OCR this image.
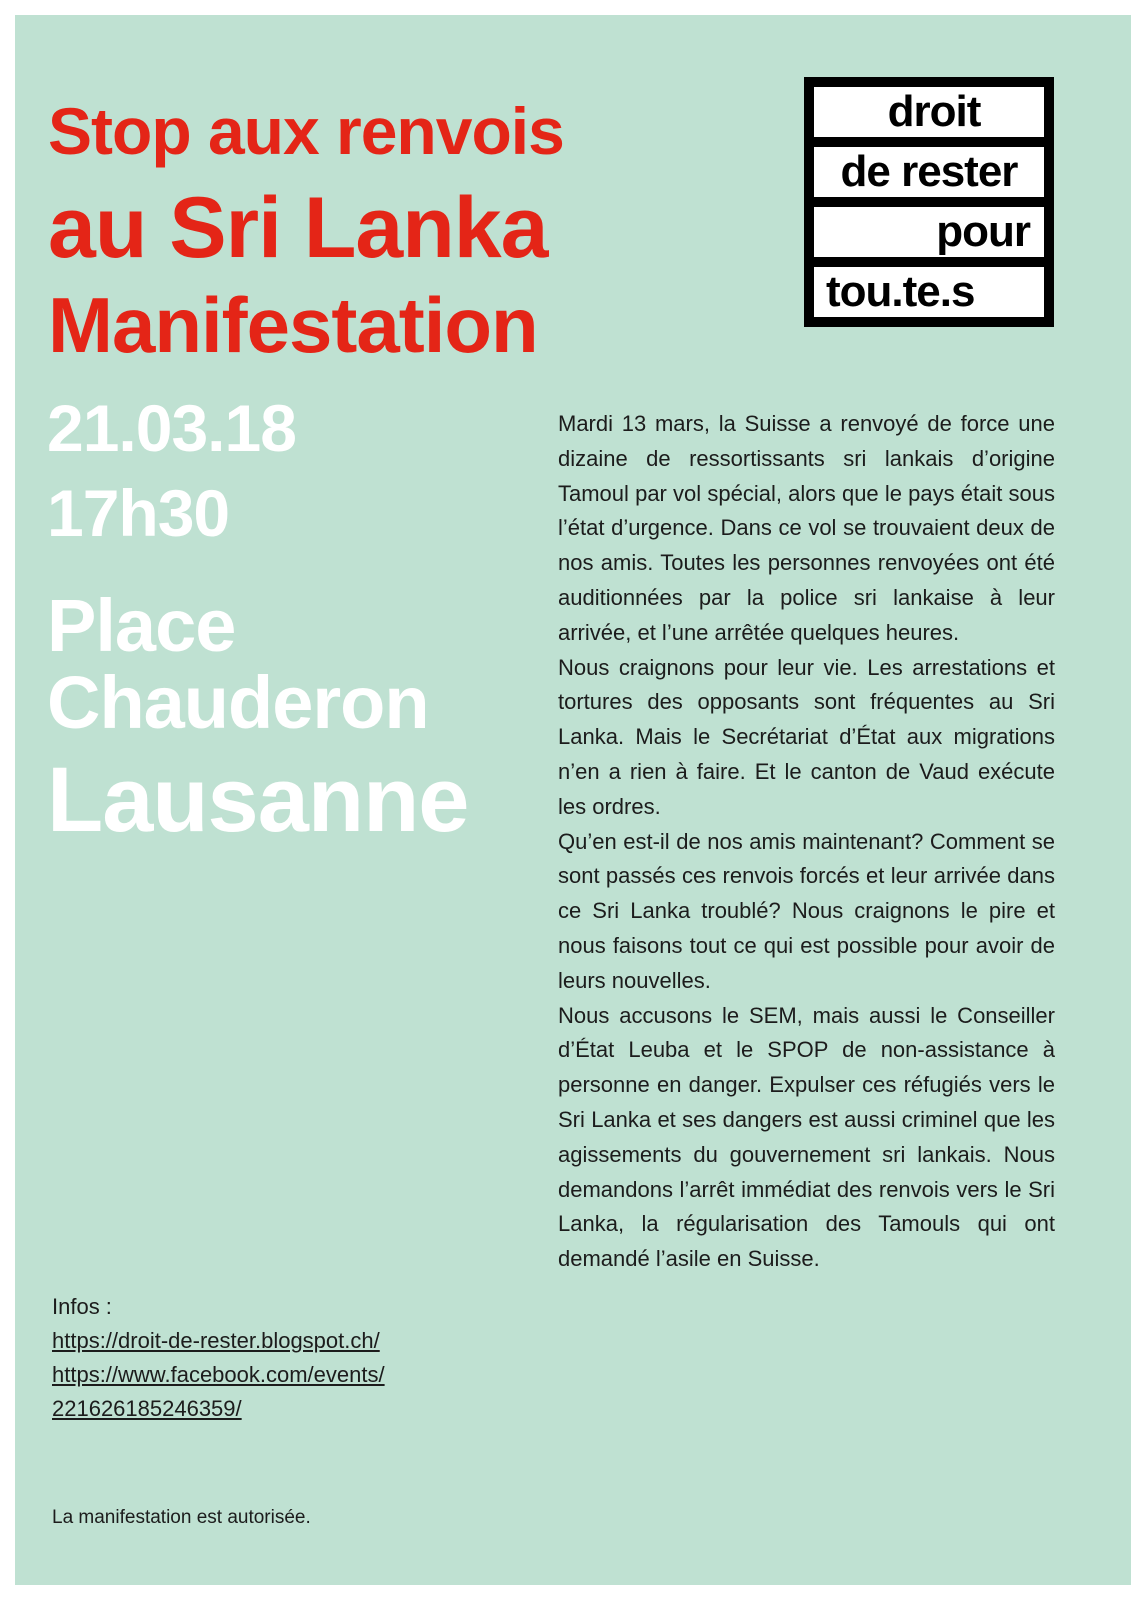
Stop aux renvois
au Sri Lanka
Manifestation
droit
de rester
pour
tou.te.s
21.03.18
17h30
Place
Chauderon
Lausanne

Mardi 13 mars, la Suisse a renvoyé de force une dizaine de ressortissants sri lankais d’origine Tamoul par vol spécial, alors que le pays était sous l’état d’urgence. Dans ce vol se trouvaient deux de nos amis. Toutes les personnes renvoyées ont été auditionnées par la police sri lankaise à leur arrivée, et l’une arrêtée quelques heures.

Nous craignons pour leur vie. Les arrestations et tortures des opposants sont fréquentes au Sri Lanka. Mais le Secrétariat d’État aux migrations n’en a rien à faire. Et le canton de Vaud exécute les ordres.

Qu’en est-il de nos amis maintenant? Comment se sont passés ces renvois forcés et leur arrivée dans ce Sri Lanka troublé? Nous craignons le pire et nous faisons tout ce qui est possible pour avoir de leurs nouvelles.

Nous accusons le SEM, mais aussi le Conseiller d’État Leuba et le SPOP de non-assistance à personne en danger. Expulser ces réfugiés vers le Sri Lanka et ses dangers est aussi criminel que les agissements du gouvernement sri lankais. Nous demandons l’arrêt immédiat des renvois vers le Sri Lanka, la régularisation des Tamouls qui ont demandé l’asile en Suisse.

Infos :
https://droit-de-rester.blogspot.ch/
https://www.facebook.com/events/
221626185246359/
La manifestation est autorisée.
